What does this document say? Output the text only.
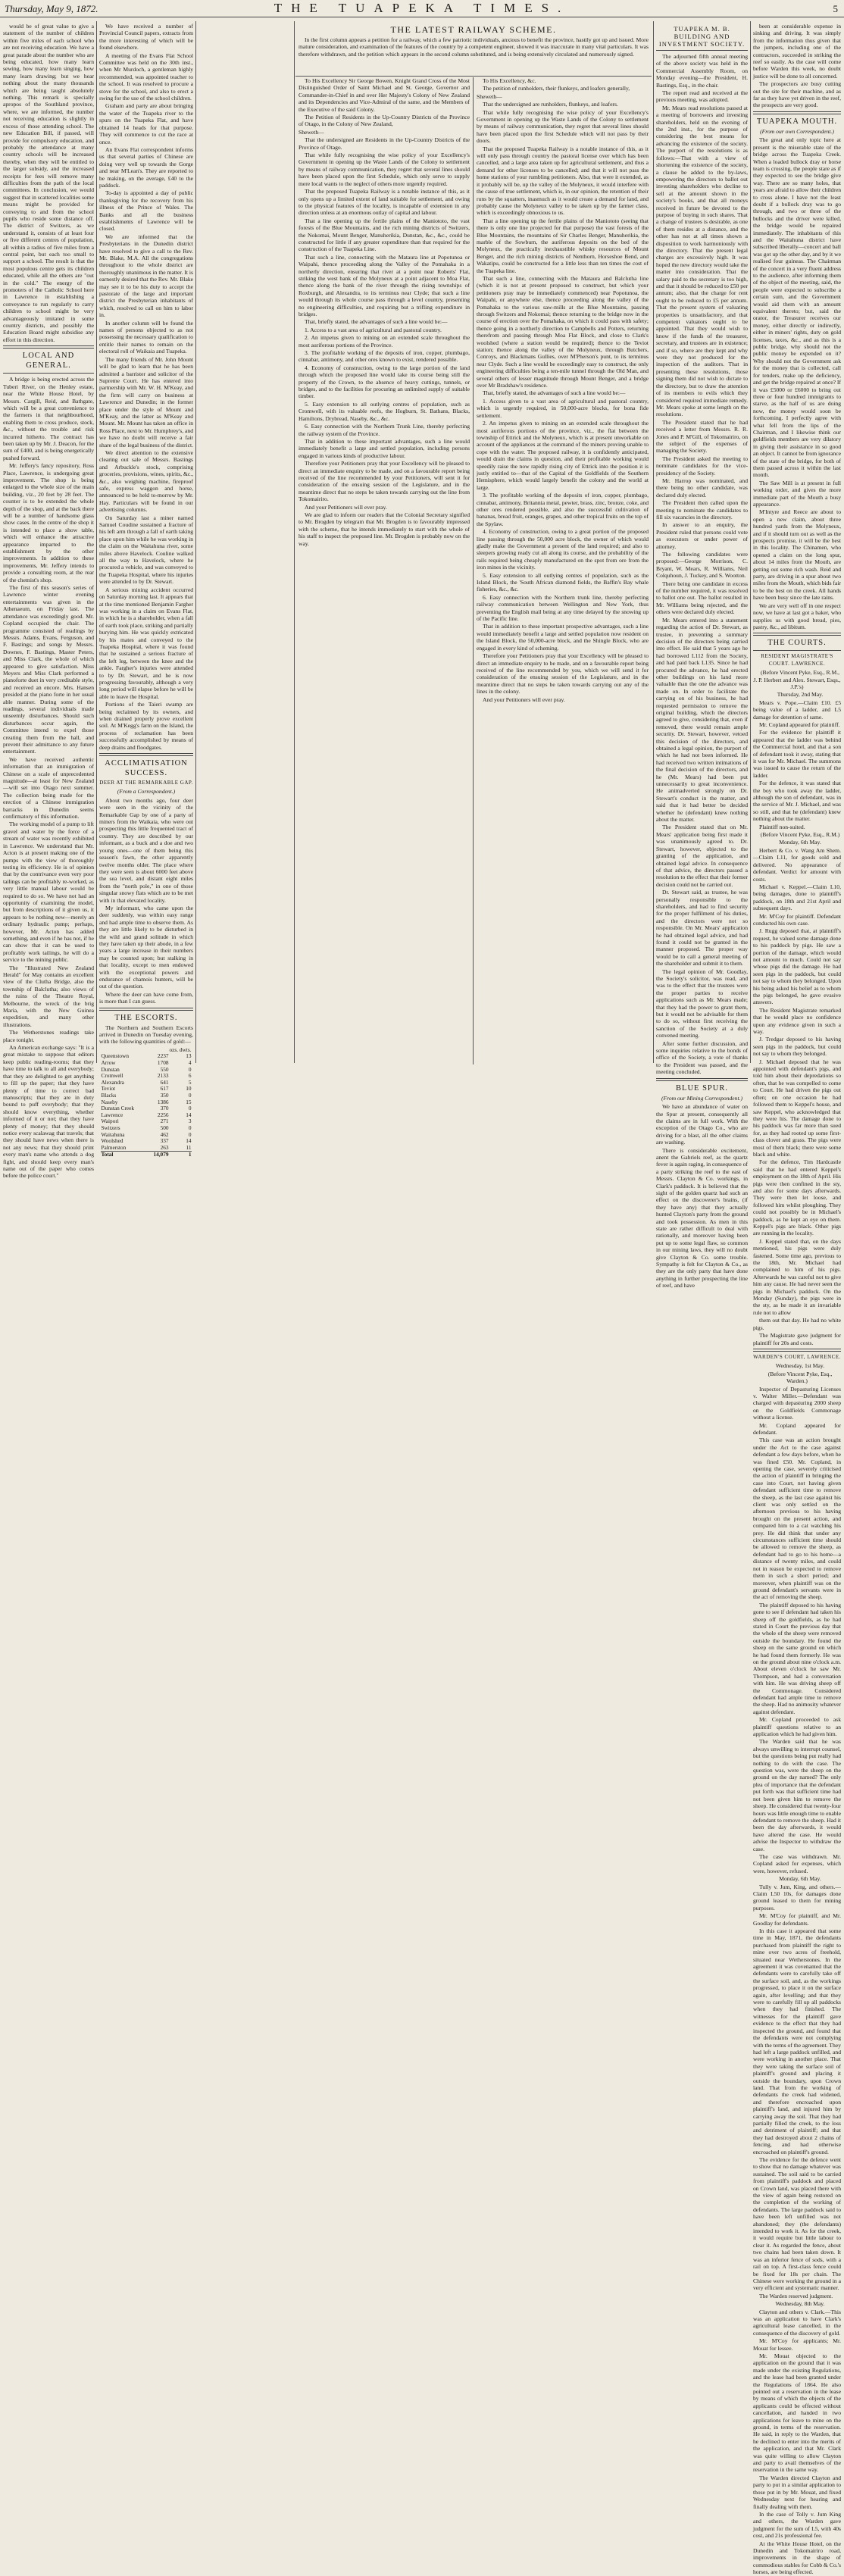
Thursday, May 9, 1872.	THE TUAPEKA TIMES.	5

would be of great value to give a statement of the number of children within five miles of each school who are not receiving education. We have a great parade about the number who are being educated, how many learn sewing, how many learn singing, how many learn drawing; but we hear nothing about the many thousands which are being taught absolutely nothing. This remark is specially apropos of the Southland province, where, we are informed, the number not receiving education is slightly in excess of those attending school. The new Education Bill, if passed, will provide for compulsory education, and probably the attendance at many country schools will be increased thereby, when they will be entitled to the larger subsidy, and the increased receipts for fees will remove many difficulties from the path of the local committees. In conclusion, we would suggest that in scattered localities some means might be provided for conveying to and from the school pupils who reside some distance off. The district of Switzers, as we understand it, consists of at least four or five different centres of population, all within a radius of five miles from a central point, but each too small to support a school. The result is that the most populous centre gets its children educated, while all the others are "out in the cold." The energy of the promoters of the Catholic School here in Lawrence in establishing a conveyance to run regularly to carry children to school might be very advantageously imitated in some country districts, and possibly the Education Board might subsidise any effort in this direction.

LOCAL AND GENERAL.

A bridge is being erected across the Tuberi River, on the Henley estate, near the White House Hotel, by Messrs. Cargill, Reid, and Bathgate, which will be a great convenience to the farmers in that neighbourhood, enabling them to cross produce, stock, &c., without the trouble and risk incurred hitherto. The contract has been taken up by Mr. J. Deacon, for the sum of £400, and is being energetically pushed forward.

Mr. Jeffery's fancy repository, Ross Place, Lawrence, is undergoing great improvement. The shop is being enlarged to the whole size of the main building, viz., 20 feet by 28 feet. The counter is to be extended the whole depth of the shop, and at the back there will be a number of handsome glass show cases. In the centre of the shop it is intended to place a show table, which will enhance the attractive appearance imparted to the establishment by the other improvements. In addition to these improvements, Mr. Jeffery intends to provide a consulting room, at the rear of the chemist's shop.

The first of this season's series of Lawrence winter evening entertainments was given in the Athenaeum, on Friday last. The attendance was exceedingly good. Mr. Copland occupied the chair. The programme consisted of readings by Messrs. Adams, Evans, Ferguson, and F. Bastings; and songs by Messrs. Downes, F. Bastings, Master Peters, and Miss Clark, the whole of which appeared to give satisfaction. Miss Meyers and Miss Clark performed a pianoforte duet in very creditable style, and received an encore. Mrs. Hansen presided at the piano forte in her usual able manner. During some of the readings, several individuals made unseemly disturbances. Should such disturbances occur again, the Committee intend to expel those creating them from the hall, and prevent their admittance to any future entertainment.

We have received authentic information that an immigration of Chinese on a scale of unprecedented magnitude—at least for New Zealand—will set into Otago next summer. The collection being made for the erection of a Chinese immigration barracks in Dunedin seems confirmatory of this information.

The working model of a pump to lift gravel and water by the force of a stream of water was recently exhibited in Lawrence. We understand that Mr. Acton is at present making one of the pumps with the view of thoroughly testing its efficiency. He is of opinion that by the contrivance even very poor tailings can be profitably re-worked, as very little manual labour would be required to do so. We have not had an opportunity of examining the model, but from descriptions of it given us, it appears to be nothing new—merely an ordinary hydraulic pump; perhaps, however, Mr. Acton has added something, and even if he has not, if he can show that it can be used to profitably work tailings, he will do a service to the mining public.

The "Illustrated New Zealand Herald" for May contains an excellent view of the Clutha Bridge, also the township of Balclutha; also views of the ruins of the Theatre Royal, Melbourne, the wreck of the brig Maria, with the New Guinea expedition, and many other illustrations.

The Wetherstones readings take place tonight.

An American exchange says: "It is a great mistake to suppose that editors keep public reading-rooms; that they have time to talk to all and everybody; that they are delighted to get anything to fill up the paper; that they have plenty of time to correct bad manuscripts; that they are in duty bound to puff everybody; that they should know everything, whether informed of it or not; that they have plenty of money; that they should notice every scalawag that travels; that they should have news when there is not any news; that they should print every man's name who attends a dog fight, and should keep every man's name out of the paper who comes before the police court."

We have received a number of Provincial Council papers, extracts from the more interesting of which will be found elsewhere.

A meeting of the Evans Flat School Committee was held on the 30th inst., when Mr Murdoch, a gentleman highly recommended, was appointed teacher to the school. It was resolved to procure a stove for the school, and also to erect a swing for the use of the school children.

Graham and party are about bringing the water of the Tuapeka river to the spurs on the Tuapeka Flat, and have obtained 14 heads for that purpose. They will commence to cut the race at once.

An Evans Flat correspondent informs us that several parties of Chinese are doing very well up towards the Gorge and near M'Lean's. They are reported to be making, on the average, £40 to the paddock.

To-day is appointed a day of public thanksgiving for the recovery from his illness of the Prince of Wales. The Banks and all the business establishments of Lawrence will be closed.

We are informed that the Presbyterians in the Dunedin district have resolved to give a call to the Rev. Mr. Blake, M.A. All the congregations throughout to the whole district are thoroughly unanimous in the matter. It is earnestly desired that the Rev. Mr. Blake may see it to be his duty to accept the pastorate of the large and important district the Presbyterian inhabitants of which, resolved to call on him to labor in.

In another column will be found the names of persons objected to as not possessing the necessary qualification to entitle their names to remain on the electoral roll of Waikaia and Tuapeka.

The many friends of Mr. John Mount will be glad to learn that he has been admitted a barrister and solicitor of the Supreme Court. He has entered into partnership with Mr. W. H. M'Keay, and the firm will carry on business at Lawrence and Dunedin; in the former place under the style of Mount and M'Keay, and the latter as M'Keay and Mount. Mr. Mount has taken an office in Ross Place, next to Mr. Humphrey's, and we have no doubt will receive a fair share of the legal business of the district.

We direct attention to the extensive clearing out sale of Messrs. Bastings and Arbuckle's stock, comprising groceries, provisions, wines, spirits, &c., &c., also weighing machine, fireproof safe, express waggon and horse, announced to be held to-morrow by Mr. Hay. Particulars will be found in our advertising columns.

On Saturday last a miner named Samuel Coudine sustained a fracture of his left arm through a fall of earth taking place upon him while he was working in the claim on the Waitahuna river, some miles above Havelock. Couline walked all the way to Havelock, where he procured a vehicle, and was conveyed to the Tuapeka Hospital, where his injuries were attended to by Dr. Stewart.

A serious mining accident occurred on Saturday morning last. It appears that at the time mentioned Benjamin Fargher was working in a claim on Evans Flat, in which he is a shareholder, when a fall of earth took place, striking and partially burying him. He was quickly extricated by his mates and conveyed to the Tuapeka Hospital, where it was found that he sustained a serious fracture of the left leg, between the knee and the ankle. Fargher's injuries were attended to by Dr. Stewart, and he is now progressing favourably, although a very long period will elapse before he will be able to leave the Hospital.

Portions of the Taieri swamp are being reclaimed by its owners, and when drained properly prove excellent soil. At M'Kegg's farm on the Island, the process of reclamation has been successfully accomplished by means of deep drains and floodgates.

ACCLIMATISATION SUCCESS.
DEER AT THE REMARKABLE GAP.
(From a Correspondent.)

About two months ago, four deer were seen in the vicinity of the Remarkable Gap by one of a party of miners from the Waikaia, who were out prospecting this little frequented tract of country. They are described by our informant, as a buck and a doe and two young ones—one of them being this season's fawn, the other apparently twelve months older. The place where they were seen is about 6000 feet above the sea level, and distant eight miles from the "north pole," in one of those singular snowy flats which are to be met with in that elevated locality.

My informant, who came upon the deer suddenly, was within easy range and had ample time to observe them. As they are little likely to be disturbed in the wild and grand solitude in which they have taken up their abode, in a few years a large increase in their numbers may be counted upon; but stalking in that locality, except to men endowed with the exceptional powers and endurance of chamois hunters, will be out of the question.

Where the deer can have come from, is more than I can guess.

THE ESCORTS.

The Northern and Southern Escorts arrived in Dunedin on Tuesday evening, with the following quantities of gold:—

	ozs. dwts.	
Queenstown	2237	13
Arrow	1708	4
Dunstan	550	0
Cromwell	2133	6
Alexandra	641	5
Teviot	617	10
Blacks	350	0
Naseby	1386	15
Dunstan Creek	370	0
Lawrence	2256	14
Waipori	271	3
Switzers	500	0
Waitahuna	462	0
Woolshed	337	14
Palmerston	263	11
Total	14,079	1
THE LATEST RAILWAY SCHEME.

In the first column appears a petition for a railway, which a few patriotic individuals, anxious to benefit the province, hastily got up and issued. More mature consideration, and examination of the features of the country by a competent engineer, showed it was inaccurate in many vital particulars. It was therefore withdrawn, and the petition which appears in the second column substituted, and is being extensively circulated and numerously signed.

To His Excellency Sir George Bowen, Knight Grand Cross of the Most Distinguished Order of Saint Michael and St. George, Governor and Commander-in-Chief in and over Her Majesty's Colony of New Zealand and its Dependencies and Vice-Admiral of the same, and the Members of the Executive of the said Colony.

The Petition of Residents in the Up-Country Districts of the Province of Otago, in the Colony of New Zealand,

Sheweth—

That the undersigned are Residents in the Up-Country Districts of the Province of Otago.

That while fully recognising the wise policy of your Excellency's Government in opening up the Waste Lands of the Colony to settlement by means of railway communication, they regret that several lines should have been placed upon the first Schedule, which only serve to supply mere local wants to the neglect of others more urgently required.

That the proposed Tuapeka Railway is a notable instance of this, as it only opens up a limited extent of land suitable for settlement, and owing to the physical features of the locality, is incapable of extension in any direction unless at an enormous outlay of capital and labour.

That a line opening up the fertile plains of the Maniototo, the vast forests of the Blue Mountains, and the rich mining districts of Switzers, the Nokomai, Mount Benger, Manuherikia, Dunstan, &c., &c., could be constructed for little if any greater expenditure than that required for the construction of the Tuapeka Line.

That such a line, connecting with the Mataura line at Popotunoa or Waipahi, thence proceeding along the Valley of the Pomahaka in a northerly direction, ensuring that river at a point near Roberts' Flat, striking the west bank of the Molyneux at a point adjacent to Moa Flat, thence along the bank of the river through the rising townships of Roxburgh, and Alexandra, to its terminus near Clyde; that such a line would through its whole course pass through a level country, presenting no engineering difficulties, and requiring but a trifling expenditure in bridges.

That, briefly stated, the advantages of such a line would be:—

1. Access to a vast area of agricultural and pastoral country.

2. An impetus given to mining on an extended scale throughout the most auriferous portions of the Province.

3. The profitable working of the deposits of iron, copper, plumbago, cinnabar, antimony, and other ores known to exist, rendered possible.

4. Economy of construction, owing to the large portion of the land through which the proposed line would take its course being still the property of the Crown, to the absence of heavy cuttings, tunnels, or bridges, and to the facilities for procuring an unlimited supply of suitable timber.

5. Easy extension to all outlying centres of population, such as Cromwell, with its valuable reefs, the Hogburn, St. Bathans, Blacks, Hamiltons, Drybread, Naseby, &c., &c.

6. Easy connection with the Northern Trunk Line, thereby perfecting the railway system of the Province.

That in addition to these important advantages, such a line would immediately benefit a large and settled population, including persons engaged in various kinds of productive labour.

Therefore your Petitioners pray that your Excellency will be pleased to direct an immediate enquiry to be made, and on a favourable report being received of the line recommended by your Petitioners, will sent it for consideration of the ensuing session of the Legislature, and in the meantime direct that no steps be taken towards carrying out the line from Tokomairiro.

And your Petitioners will ever pray.

We are glad to inform our readers that the Colonial Secretary signified to Mr. Brogden by telegram that Mr. Brogden is to favourably impressed with the scheme, that he intends immediately to start with the whole of his staff to inspect the proposed line. Mr. Brogden is probably now on the way.

To His Excellency, &c.

The petition of runholders, their flunkeys, and loafers generally,

Sheweth—

That the undersigned are runholders, flunkeys, and loafers.

That while fully recognising the wise policy of your Excellency's Government in opening up the Waste Lands of the Colony to settlement by means of railway communication, they regret that several lines should have been placed upon the first Schedule which will not pass by their doors.

That the proposed Tuapeka Railway is a notable instance of this, as it will only pass through country the pastoral license over which has been cancelled, and a large area taken up for agricultural settlement, and thus a demand for other licenses to be cancelled; and that it will not pass the home stations of your rumbling petitioners. Also, that were it extended, as it probably will be, up the valley of the Molyneux, it would interfere with the cause of true settlement, which is, in our opinion, the retention of their runs by the squatters, inasmuch as it would create a demand for land, and probably cause the Molyneux valley to be taken up by the farmer class, which is exceedingly obnoxious to us.

That a line opening up the fertile plains of the Maniototo (seeing that there is only one line projected for that purpose) the vast forests of the Blue Mountains, the mountains of Sir Charles Benger, Manuherikia, the marble of the Sowburn, the auriferous deposits on the bed of the Molyneux, the practically inexhaustible whisky resources of Mount Benger, and the rich mining districts of Nenthorn, Horseshoe Bend, and Wakatipu, could be constructed for a little less than ten times the cost of the Tuapeka line.

That such a line, connecting with the Mataura and Balclutha line (which it is not at present proposed to construct, but which your petitioners pray may be immediately commenced) near Popotunoa, the Waipahi, or anywhere else, thence proceeding along the valley of the Pomahaka to the various saw-mills at the Blue Mountains, passing through Switzers and Nokomai; thence returning to the bridge now in the course of erection over the Pomahaka, on which it could pass with safety; thence going in a northerly direction to Campbells and Potters, returning therefrom and passing through Moa Flat Block, and close to Clark's woolshed (where a station would be required); thence to the Teviot station; thence along the valley of the Molyneux, through Butchers, Conroys, and Blackmans Gullies, over M'Pherson's punt, to its terminus near Clyde. Such a line would be exceedingly easy to construct, the only engineering difficulties being a ten-mile tunnel through the Old Man, and several others of lesser magnitude through Mount Benger, and a bridge over Mr Bradshaw's residence.

That, briefly stated, the advantages of such a line would be:—

1. Access given to a vast area of agricultural and pastoral country, which is urgently required, in 50,000-acre blocks, for bona fide settlement.

2. An impetus given to mining on an extended scale throughout the most auriferous portions of the province, viz., the flat between the township of Ettrick and the Molyneux, which is at present unworkable on account of the appliances at the command of the miners proving unable to cope with the water. The proposed railway, it is confidently anticipated, would drain the claims in question, and their profitable working would speedily raise the now rapidly rising city of Ettrick into the position it is justly entitled to—that of the Capital of the Goldfields of the Southern Hemisphere, which would largely benefit the colony and the world at large.

3. The profitable working of the deposits of iron, copper, plumbago, cinnabar, antimony, Britannia metal, pewter, brass, zinc, bronze, coke, and other ores rendered possible, and also the successful cultivation of bananas, bread fruit, oranges, grapes, and other tropical fruits on the top of the Spylaw.

4. Economy of construction, owing to a great portion of the proposed line passing through the 50,000 acre block, the owner of which would gladly make the Government a present of the land required; and also to sleepers growing ready cut all along its course, and the probability of the rails required being cheaply manufactured on the spot from ore from the iron mines in the vicinity.

5. Easy extension to all outlying centres of population, such as the Island Block, the 'South African diamond fields, the Baffin's Bay whale fisheries, &c., &c.

6. Easy connection with the Northern trunk line, thereby perfecting railway communication between Wellington and New York, thus preventing the English mail being at any time delayed by the snowing up of the Pacific line.

That in addition to these important prospective advantages, such a line would immediately benefit a large and settled population now resident on the Island Block, the 50,000-acre block, and the Shingle Block, who are engaged in every kind of scheming.

Therefore your Petitioners pray that your Excellency will be pleased to direct an immediate enquiry to be made, and on a favourable report being received of the line recommended by you, which we will send it for consideration of the ensuing session of the Legislature, and in the meantime direct that no steps be taken towards carrying out any of the lines in the colony.

And your Petitioners will ever pray.

TUAPEKA M. B. BUILDING AND INVESTMENT SOCIETY.

The adjourned fifth annual meeting of the above society was held in the Commercial Assembly Room, on Monday evening—the President, H. Bastings, Esq., in the chair.

The report read and received at the previous meeting, was adopted.

Mr. Mears read resolutions passed at a meeting of borrowers and investing shareholders, held on the evening of the 2nd inst., for the purpose of considering the best means for advancing the existence of the society. The purport of the resolutions is as follows:—That with a view of shortening the existence of the society, a clause be added to the by-laws, empowering the directors to ballot out investing shareholders who decline to sell at the amount shown in the society's books, and that all moneys received in future be devoted to the purpose of buying in such shares. That a change of trustees is desirable, as one of them resides at a distance, and the other has not at all times shown a disposition to work harmoniously with the directory. That the present legal charges are excessively high. It was hoped the new directory would take the matter into consideration. That the salary paid to the secretary is too high, and that it should be reduced to £50 per annum; also, that the charge for rent ought to be reduced to £5 per annum. That the present system of valuating properties is unsatisfactory, and that competent valuators ought to be appointed. That they would wish to know if the funds of the treasurer, secretary, and trustees are in existence; and if so, where are they kept and why were they not produced for the inspection of the auditors. That in presenting these resolutions, those signing them did not wish to dictate to the directory, but to draw the attention of its members to evils which they considered required immediate remedy. Mr. Mears spoke at some length on the resolutions.

The President stated that he had received a letter from Messrs. R. R. Jones and P. M'Gill, of Tokomairiro, on the subject of the expenses of managing the Society.

The President asked the meeting to nominate candidates for the vice-presidency of the Society.

Mr. Harrop was nominated, and there being no other candidate, was declared duly elected.

The President then called upon the meeting to nominate the candidates to fill six vacancies in the directory.

In answer to an enquiry, the President ruled that persons could vote as executors or under power of attorney.

The following candidates were proposed:—George Morrison, C. Bryant, W. Mears, R. Williams, Neil Colquhoun, J. Tuckey, and S. Wootton.

There being one candidate in excess of the number required, it was resolved to ballot one out. The ballot resulted in Mr. Williams being rejected, and the others were declared duly elected.

Mr. Mears entered into a statement regarding the action of Dr. Stewart, as trustee, in preventing a summary decision of the directors being carried into effect. He said that 5 years ago he had borrowed L112 from the Society, and had paid back L135. Since he had procured the advance, he had erected other buildings on his land more valuable than the one the advance was made on. In order to facilitate the carrying on of his business, he had requested permission to remove the original building, which the directors agreed to give, considering that, even if removed, there would remain ample security. Dr. Stewart, however, vetoed this decision of the directors, and obtained a legal opinion, the purport of which he had not been informed. He had received two written intimations of the final decision of the directors, and he (Mr. Mears) had been put unnecessarily to great inconvenience. He animadverted strongly on Dr. Stewart's conduct in the matter, and said that it had better be decided whether he (defendant) knew nothing about the matter.

The President stated that on Mr. Mears' application being first made it was unanimously agreed to. Dr. Stewart, however, objected to the granting of the application, and obtained legal advice. In consequence of that advice, the directors passed a resolution to the effect that their former decision could not be carried out.

Dr. Stewart said, as trustee, he was personally responsible to the shareholders, and had to find security for the proper fulfilment of his duties, and the directors were not so responsible. On Mr. Mears' application he had obtained legal advice, and had found it could not be granted in the manner proposed. The proper way would be to call a general meeting of the shareholder and submit it to them.

The legal opinion of Mr. Goodlay, the Society's solicitor, was read, and was to the effect that the trustees were the proper parties to receive applications such as Mr. Mears made; that they had the power to grant them, but it would not be advisable for them to do so, without first receiving the sanction of the Society at a duly convened meeting.

After some further discussion, and some inquiries relative to the bonds of office of the Society, a vote of thanks to the President was passed, and the meeting concluded.

BLUE SPUR.
(From our Mining Correspondent.)

We have an abundance of water on the Spur at present, consequently all the claims are in full work. With the exception of the Otago Co., who are driving for a blast, all the other claims are washing.

There is considerable excitement, anent the Gabriels reef, as the quartz fever is again raging, in consequence of a party striking the reef to the east of Messrs. Clayton & Co. workings, in Clark's paddock. It is believed that the sight of the golden quartz had such an effect on the discoverer's brains, (if they have any) that they actually hunted Clayton's party from the ground and took possession. As men in this state are rather difficult to deal with rationally, and moreover having been put up to some legal flaw, so common in our mining laws, they will no doubt give Clayton & Co. some trouble. Sympathy is felt for Clayton & Co., as they are the only party that have done anything in further prospecting the line of reef, and have

been at considerable expense in sinking and driving. It was simply from the information thus given that the jumpers, including one of the contractors, succeeded in striking the reef so easily. As the case will come before Warden this week, no doubt justice will be done to all concerned.

The prospectors are busy cutting out the site for their machine, and as far as they have yet driven in the reef, the prospects are very good.

TUAPEKA MOUTH.
(From our own Correspondent.)

The great and only topic here at present is the miserable state of the bridge across the Tuapeka Creek. When a loaded bullock dray or horse team is crossing, the people stare as if they expected to see the bridge give way. There are so many holes, that years are afraid to allow their children to cross alone. I have not the least doubt if a bullock dray was to go through, and two or three of the bullocks and the driver were killed, the bridge would be repaired immediately. The inhabitants of this and the Waitahuna district have subscribed liberally—concert and ball was got up the other day, and by it we realised four guineas. The Chairman of the concert in a very fluent address to the audience, after informing them of the object of the meeting, said, the people were expected to subscribe a certain sum, and the Government would aid them with an amount equivalent thereto; but, said the orator, the Treasurer receives our money, either directly or indirectly, either in miners' rights, duty on gold licenses, taxes, &c., and as this is a public bridge, why should not the public money be expended on it? Why should not the Government ask for the money that is collected, call for tenders, make up the deficiency, and get the bridge repaired at once? If it was £5000 or £6000 to bring out three or four hundred immigrants to starve, as the half of us are doing now, the money would soon be forthcoming. I perfectly agree with what fell from the lips of the Chairman, and I likewise think our goldfields members are very dilatory in giving their assistance in so good an object. It cannot be from ignorance of the state of the bridge, for both of them passed across it within the last month.

The Saw Mill is at present in full working order, and gives the more immediate part of the Mouth a busy appearance.

M'Intyre and Reece are about to open a new claim, about three hundred yards from the Molyneux, and if it should turn out as well as the prospects promise, it will be the best in this locality. The Chinamen, who opened a claim on the long spur, about 14 miles from the Mouth, are getting out some rich wash. Reid and party, are driving in a spur about two miles from the Mouth, which bids fair to be the best on the creek. All hands have been busy since the late rains.

We are very well off in one respect now, we have at last got a baker, who supplies us with good bread, pies, pastry, &c., ad libitum.

THE COURTS.
RESIDENT MAGISTRATE'S COURT. LAWRENCE.

(Before Vincent Pyke, Esq., R.M., J. P. Herbert and Alex. Stewart, Esqs., J.P.'s)

Thursday, 2nd May.

Mears v. Pope.—Claim £10. £5 being value of a ladder, and L5 damage for detention of same.

Mr. Copland appeared for plaintiff.

For the evidence for plaintiff it appeared that the ladder was behind the Commercial hotel, and that a son of defendant took it away, stating that it was for Mr. Michael. The summons was issued to cause the return of the ladder.

For the defence, it was stated that the boy who took away the ladder, although the son of defendant, was in the service of Mr. J. Michael, and was so still, and that he (defendant) knew nothing about the matter.

Plaintiff non-suited.

(Before Vincent Pyke, Esq., R.M.)

Monday, 6th May.

Herbert & Co. v. Wang Am Shem.—Claim L11, for goods sold and delivered. No appearance of defendant. Verdict for amount with costs.

Michael v. Keppel.—Claim L10, being damages, done to plaintiff's paddock, on 18th and 21st April and subsequent days.

Mr. M'Coy for plaintiff. Defendant conducted his own case.

J. Rugg deposed that, at plaintiff's request, he valued some damage done to his paddock by pigs. He saw a portion of the damage, which would not amount to much. Could not say whose pigs did the damage. He had seen pigs in the paddock, but could not say to whom they belonged. Upon his being asked his belief as to whom the pigs belonged, he gave evasive answers.

The Resident Magistrate remarked that he would place no confidence upon any evidence given in such a way.

J. Tredgar deposed to his having seen pigs in the paddock, but could not say to whom they belonged.

J. Michael deposed that he was appointed with defendant's pigs, and told him about their depredations so often, that he was compelled to come to Court. He had driven the pigs out often; on one occasion he had followed them to Keppel's house, and saw Keppel, who acknowledged that they were his. The damage done to his paddock was far more than sued for, as they had rooted up some first-class clover and grass. The pigs were most of them black; there were some black and white.

For the defence, Tim Hardcastle said that he had entered Keppel's employment on the 18th of April. His pigs were then confined in the sty, and also for some days afterwards. They were then let loose, and followed him whilst ploughing. They could not possibly be in Michael's paddock, as he kept an eye on them. Keppel's pigs are black. Other pigs are running in the locality.

J. Keppel stated that, on the days mentioned, his pigs were duly fastened. Some time ago, previous to the 18th, Mr. Michael had complained to him of his pigs. Afterwards he was careful not to give him any cause. He had never seen the pigs in Michael's paddock. On the Monday (Sunday), the pigs were in the sty, as he made it an invariable rule not to allow

them out that day. He had no white pigs.

The Magistrate gave judgment for plaintiff for 20s and costs.

WARDEN'S COURT, LAWRENCE.

Wednesday, 1st May.

(Before Vincent Pyke, Esq., Warden.)

Inspector of Depasturing Licenses v. Walter Miller.—Defendant was charged with depasturing 2000 sheep on the Goldfields Commonage without a license.

Mr. Copland appeared for defendant.

This case was an action brought under the Act to the case against defendant a few days before, when he was fined £50. Mr. Copland, in opening the case, severely criticised the action of plaintiff in bringing the case into Court, not having given defendant sufficient time to remove the sheep, as the last case against his client was only settled on the afternoon previous to his having brought on the present action, and compared him to a cat watching his prey. He did think that under any circumstances sufficient time should be allowed to remove the sheep, as defendant had to go to his home—a distance of twenty miles, and could not in reason be expected to remove them in such a short period; and moreover, when plaintiff was on the ground defendant's servants were in the act of removing the sheep.

The plaintiff deposed to his having gone to see if defendant had taken his sheep off the goldfields, as he had stated in Court the previous day that the whole of the sheep were removed outside the boundary. He found the sheep on the same ground on which he had found them formerly. He was on the ground about nine o'clock a.m. About eleven o'clock he saw Mr. Thompson, and had a conversation with him. He was driving sheep off the Commonage. Considered defendant had ample time to remove the sheep. Had no animosity whatever against defendant.

Mr. Copland proceeded to ask plaintiff questions relative to an application which he had given him.

The Warden said that he was always unwilling to interrupt counsel, but the questions being put really had nothing to do with the case. The question was, were the sheep on the ground on the day named? The only plea of importance that the defendant put forth was that sufficient time had not been given him to remove the sheep. He considered that twenty-four hours was little enough time to enable defendant to remove the sheep. Had it been the day afterwards, it would have altered the case. He would advise the Inspector to withdraw the case.

The case was withdrawn. Mr. Copland asked for expenses, which were, however, refused.

Monday, 6th May.

Tully v. Jum, King, and others.—Claim L50 10s, for damages done ground leased to them for mining purposes.

Mr. M'Coy for plaintiff, and Mr. Goodlay for defendants.

In this case it appeared that some time in May, 1871, the defendants purchased from plaintiff the right to mine over two acres of freehold, situated near Wetherstones. In the agreement it was covenanted that the defendants were to carefully take off the surface soil, and, as the workings progressed, to place it on the surface again, after levelling; and that they were to carefully fill up all paddocks when they had finished. The witnesses for the plaintiff gave evidence to the effect that they had inspected the ground, and found that the defendants were not complying with the terms of the agreement. They had left a large paddock unfilled, and were working in another place. That they were taking the surface soil of plaintiff's ground and placing it outside the boundary, upon Crown land. That from the working of defendants the creek had widened, and therefore encroached upon plaintiff's land, and injured him by carrying away the soil. That they had partially filled the creek, to the loss and detriment of plaintiff; and that they had destroyed about 2 chains of fencing, and had otherwise encroached on plaintiff's ground.

The evidence for the defence went to show that no damage whatever was sustained. The soil said to be carried from plaintiff's paddock and placed on Crown land, was placed there with the view of again being restored on the completion of the working of defendants. The large paddock said to have been left unfilled was not abandoned; they (the defendants) intended to work it. As for the creek, it would require but little labour to clear it. As regarded the fence, about two chains had been taken down. It was an inferior fence of sods, with a rail on top. A first-class fence could be fixed for 18s per chain. The Chinese were working the ground in a very efficient and systematic manner.

The Warden reserved judgment.

Wednesday, 8th May.

Clayton and others v. Clark.—This was an application to have Clark's agricultural lease cancelled, in the consequence of the discovery of gold.

Mr. M'Coy for applicants; Mr. Mouat for lessee.

Mr. Mouat objected to the application on the ground that it was made under the existing Regulations, and the lease had been granted under the Regulations of 1864. He also pointed out a reservation in the lease by means of which the objects of the applicants could be effected without cancellation, and handed in two applications for leave to mine on the ground, in terms of the reservation. He said, in reply to the Warden, that he declined to enter into the merits of the application, and that Mr. Clark was quite willing to allow Clayton and party to avail themselves of the reservation in the same way.

The Warden directed Clayton and party to put in a similar application to those put in by Mr. Mouat, and fixed Wednesday next for hearing and finally dealing with them.

In the case of Tolly v. Jum King and others, the Warden gave judgment for the sum of L5, with 40s cost, and 21s professional fee.

At the White House Hotel, on the Dunedin and Tokomairiro road, improvements in the shape of commodious stables for Cobb & Co.'s horses, are being effected.
